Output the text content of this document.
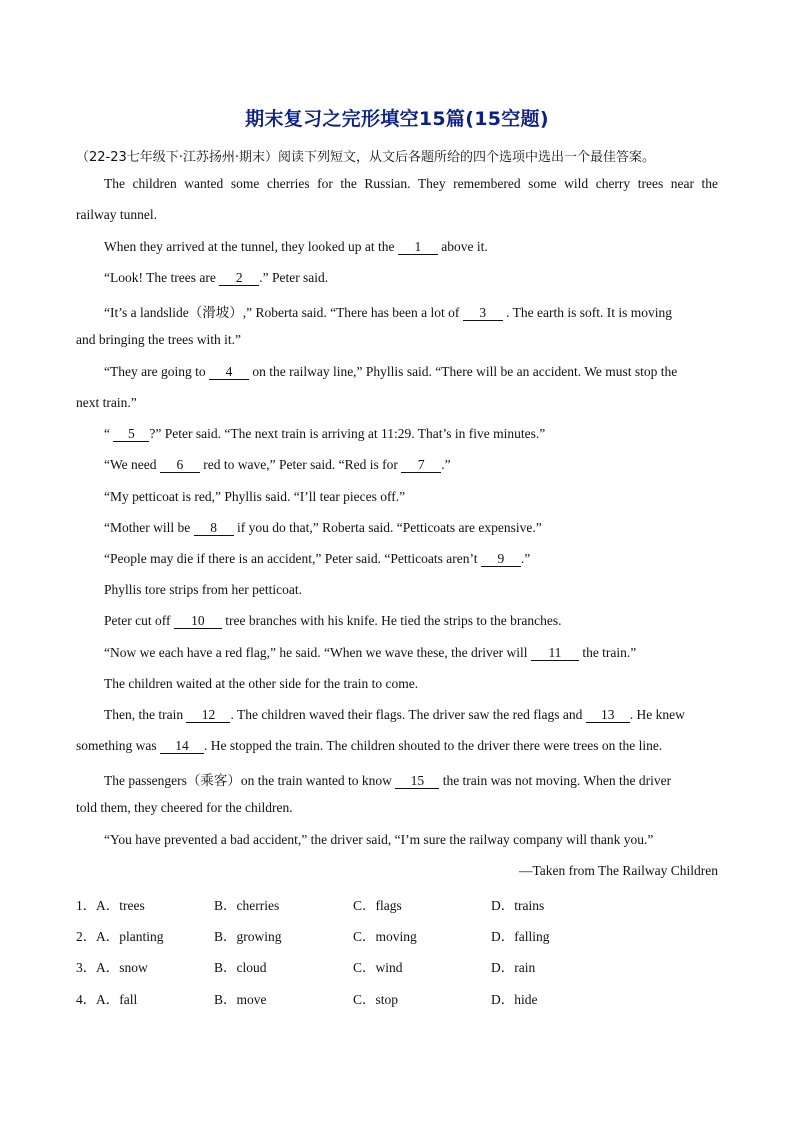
期末复习之完形填空15篇(15空题)
（22-23七年级下·江苏扬州·期末）阅读下列短文，从文后各题所给的四个选项中选出一个最佳答案。
The children wanted some cherries for the Russian. They remembered some wild cherry trees near the
railway tunnel.
When they arrived at the tunnel, they looked up at the 1 above it.
“Look! The trees are 2 .” Peter said.
“It’s a landslide（滑坡）,” Roberta said. “There has been a lot of 3 . The earth is soft. It is moving
and bringing the trees with it.”
“They are going to 4 on the railway line,” Phyllis said. “There will be an accident. We must stop the
next train.”
“ 5 ?” Peter said. “The next train is arriving at 11:29. That’s in five minutes.”
“We need 6 red to wave,” Peter said. “Red is for 7 .”
“My petticoat is red,” Phyllis said. “I’ll tear pieces off.”
“Mother will be 8 if you do that,” Roberta said. “Petticoats are expensive.”
“People may die if there is an accident,” Peter said. “Petticoats aren’t 9 .”
Phyllis tore strips from her petticoat.
Peter cut off 10 tree branches with his knife. He tied the strips to the branches.
“Now we each have a red flag,” he said. “When we wave these, the driver will 11 the train.”
The children waited at the other side for the train to come.
Then, the train 12 . The children waved their flags. The driver saw the red flags and 13 . He knew
something was 14 . He stopped the train. The children shouted to the driver there were trees on the line.
The passengers（乘客）on the train wanted to know 15 the train was not moving. When the driver
told them, they cheered for the children.
“You have prevented a bad accident,” the driver said, “I’m sure the railway company will thank you.”
—Taken from The Railway Children
1． A．trees	B．cherries	C．flags	D．trains
2． A．planting	B．growing	C．moving	D．falling
3． A．snow	B．cloud	C．wind	D．rain
4． A．fall	B．move	C．stop	D．hide
